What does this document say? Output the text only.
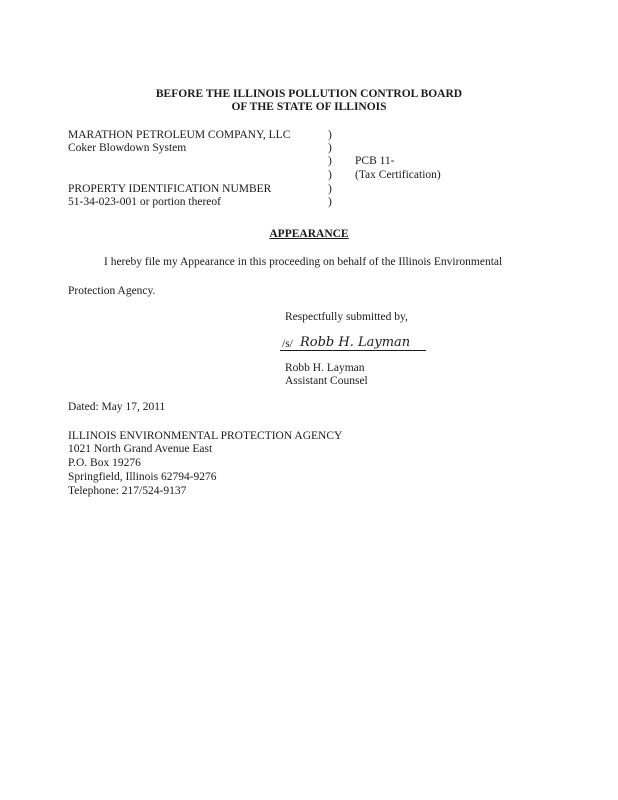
BEFORE THE ILLINOIS POLLUTION CONTROL BOARD
OF THE STATE OF ILLINOIS
MARATHON PETROLEUM COMPANY, LLC
Coker Blowdown System
PROPERTY IDENTIFICATION NUMBER
51-34-023-001 or portion thereof
)
)
)
)
)
)
PCB 11-
(Tax Certification)
APPEARANCE
I hereby file my Appearance in this proceeding on behalf of the Illinois Environmental
Protection Agency.
Respectfully submitted by,
/s/ Robb H. Layman
Robb H. Layman
Assistant Counsel
Dated: May 17, 2011
ILLINOIS ENVIRONMENTAL PROTECTION AGENCY
1021 North Grand Avenue East
P.O. Box 19276
Springfield, Illinois 62794-9276
Telephone: 217/524-9137
